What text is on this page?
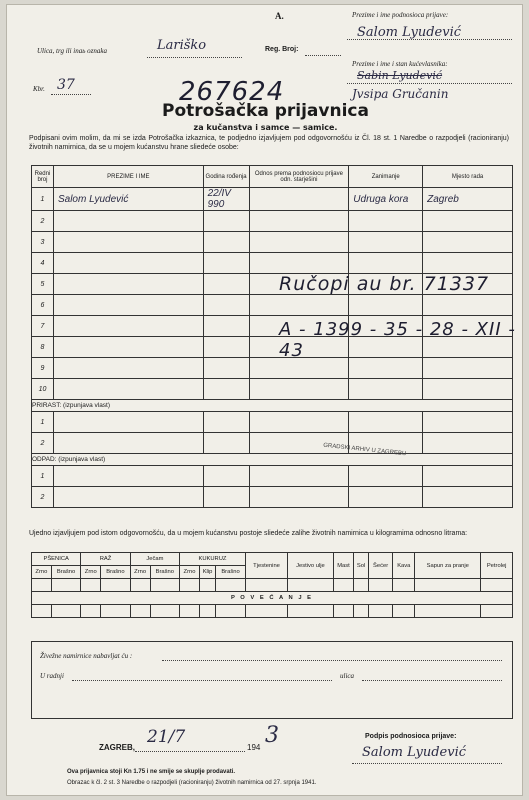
A.	Prezime i ime podnosioca prijave:
Salom Lyudević
Ulica, trg ili inaь oznaka	Lariško	Reg. Broj:
Prezime i ime i stan kućevlasnika:
Sabin Lyudević
Jvsipa Gručanin
Kbr. 37	267624
Potrošačka prijavnica
za kučanstva i samce — samice.
Podpisani ovim molim, da mi se izda Potrošačka izkaznica, te podjedno izjavljujem pod odgovornošću iz Čl. 18 st. 1 Naredbe o razpodjeli (racioniranju) životnih namirnica, da se u mojem kućanstvu hrane sliedeće osobe:
Redni broj	PREZIME I IME	Godina rođenja	Odnos prema podnosiocu prijave odn. starješini	Zanimanje	Mjesto rada
1	Salom Lyudević	22/IV 990		Udruga kora	Zagreb
2					
3					
4					
5					
6					
7					
8					
9					
10					
PRIRAST: (izpunjava vlast)					
1					
2					
ODPAD: (izpunjava vlast)					
1					
2					
Ručopi au br. 71337
A - 1399 - 35 - 28 - XII - 43
GRADSKI ARHIV U ZAGREBU
Ujedno izjavljujem pod istom odgovornošću, da u mojem kućanstvu postoje sliedeće zalihe životnih namirnica u kilogramima odnosno litrama:
PŠENICA		RAŽ		Ječam		KUKURUZ			Tjestenine	Jestivo ulje	Mast	Sol	Šećer	Kava	Sapun za pranje	Petrolej
Zrno	Brašno	Zrno	Brašno	Zrno	Brašno	Zrno	Klip	Brašno								

P O V E Ć A N J E																

Živežne namirnice nabavljat ću :
U radnji	ulica
ZAGREB,
21/7
194 3	Podpis podnosioca prijave:
Salom Lyudević
Ova prijavnica stoji Kn 1.75 i ne smije se skuplje prodavati.
Obrazac k čl. 2 st. 3 Naredbe o razpodjeli (racioniranju) životnih namirnica od 27. srpnja 1941.
